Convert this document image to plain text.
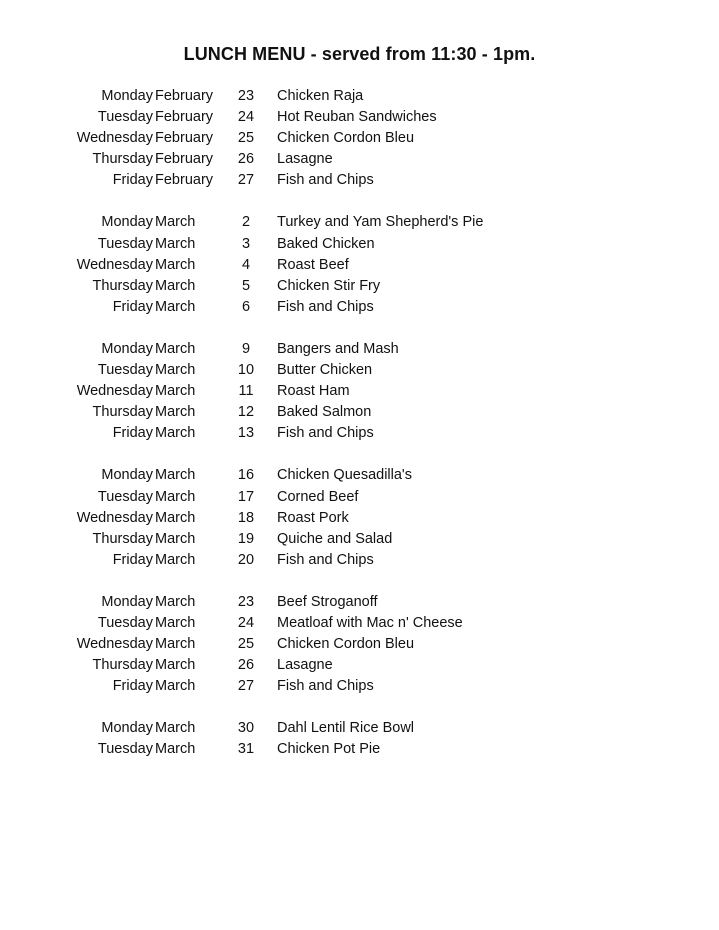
LUNCH MENU - served from 11:30 - 1pm.
Monday February	23	Chicken Raja
Tuesday February	24	Hot Reuban Sandwiches
Wednesday February	25	Chicken Cordon Bleu
Thursday February	26	Lasagne
Friday February	27	Fish and Chips
Monday March	2	Turkey and Yam Shepherd's Pie
Tuesday March	3	Baked Chicken
Wednesday March	4	Roast Beef
Thursday March	5	Chicken Stir Fry
Friday March	6	Fish and Chips
Monday March	9	Bangers and Mash
Tuesday March	10	Butter Chicken
Wednesday March	11	Roast Ham
Thursday March	12	Baked Salmon
Friday March	13	Fish and Chips
Monday March	16	Chicken Quesadilla's
Tuesday March	17	Corned Beef
Wednesday March	18	Roast Pork
Thursday March	19	Quiche and Salad
Friday March	20	Fish and Chips
Monday March	23	Beef Stroganoff
Tuesday March	24	Meatloaf with Mac n' Cheese
Wednesday March	25	Chicken Cordon Bleu
Thursday March	26	Lasagne
Friday March	27	Fish and Chips
Monday March	30	Dahl Lentil Rice Bowl
Tuesday March	31	Chicken Pot Pie
